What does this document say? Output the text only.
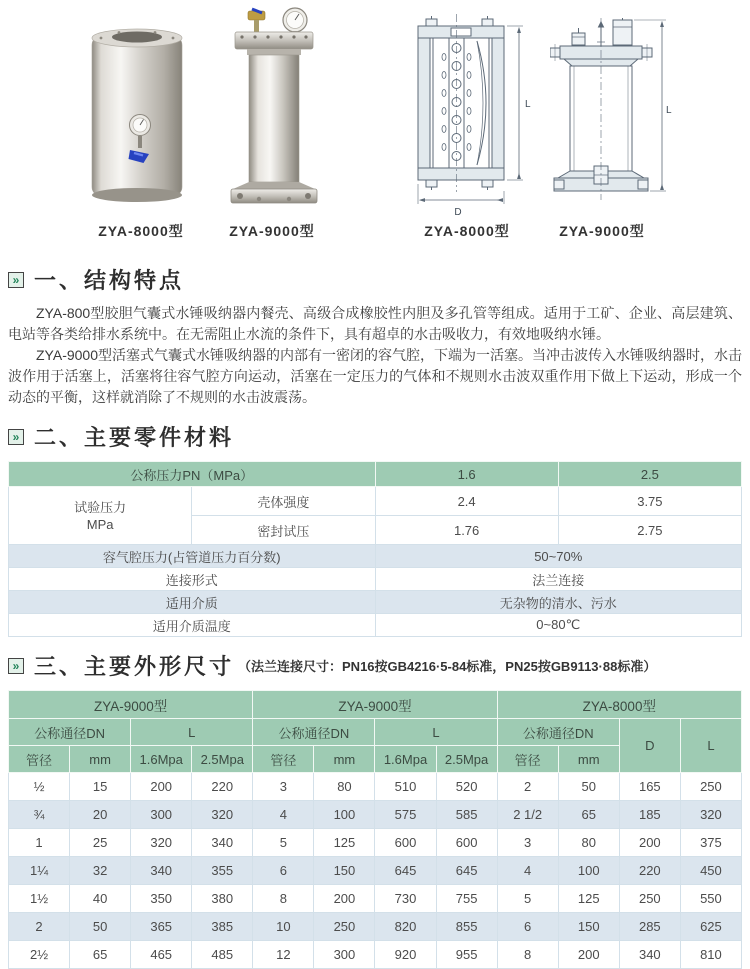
L
D
L
ZYA-8000型	ZYA-9000型	ZYA-8000型	ZYA-9000型
» 一、结构特点

ZYA-800型胶胆气囊式水锤吸纳器内餐壳、高级合成橡胶性内胆及多孔管等组成。适用于工矿、企业、高层建筑、电站等各类给排水系统中。在无需阻止水流的条件下，具有超卓的水击吸收力，有效地吸纳水锤。

ZYA-9000型活塞式气囊式水锤吸纳器的内部有一密闭的容气腔，下端为一活塞。当冲击波传入水锤吸纳器时，水击波作用于活塞上，活塞将往容气腔方向运动，活塞在一定压力的气体和不规则水击波双重作用下做上下运动，形成一个动态的平衡，这样就消除了不规则的水击波震荡。

» 二、主要零件材料
公称压力PN（MPa）		1.6	2.5

试验压力
MPa	壳体强度	2.4	3.75
	密封试压	1.76	2.75
容气腔压力(占管道压力百分数)		50~70%	
连接形式		法兰连接	
适用介质		无杂物的清水、污水	
适用介质温度		0~80℃	
» 三、主要外形尺寸 （法兰连接尺寸：PN16按GB4216·5-84标准，PN25按GB9113·88标准）
ZYA-9000型				ZYA-9000型				ZYA-8000型			
公称通径DN		L		公称通径DN		L		公称通径DN		D	L
管径	mm	1.6Mpa	2.5Mpa	管径	mm	1.6Mpa	2.5Mpa	管径	mm		
½	15	200	220	3	80	510	520	2	50	165	250
¾	20	300	320	4	100	575	585	2 1/2	65	185	320
1	25	320	340	5	125	600	600	3	80	200	375
1¼	32	340	355	6	150	645	645	4	100	220	450
1½	40	350	380	8	200	730	755	5	125	250	550
2	50	365	385	10	250	820	855	6	150	285	625
2½	65	465	485	12	300	920	955	8	200	340	810
